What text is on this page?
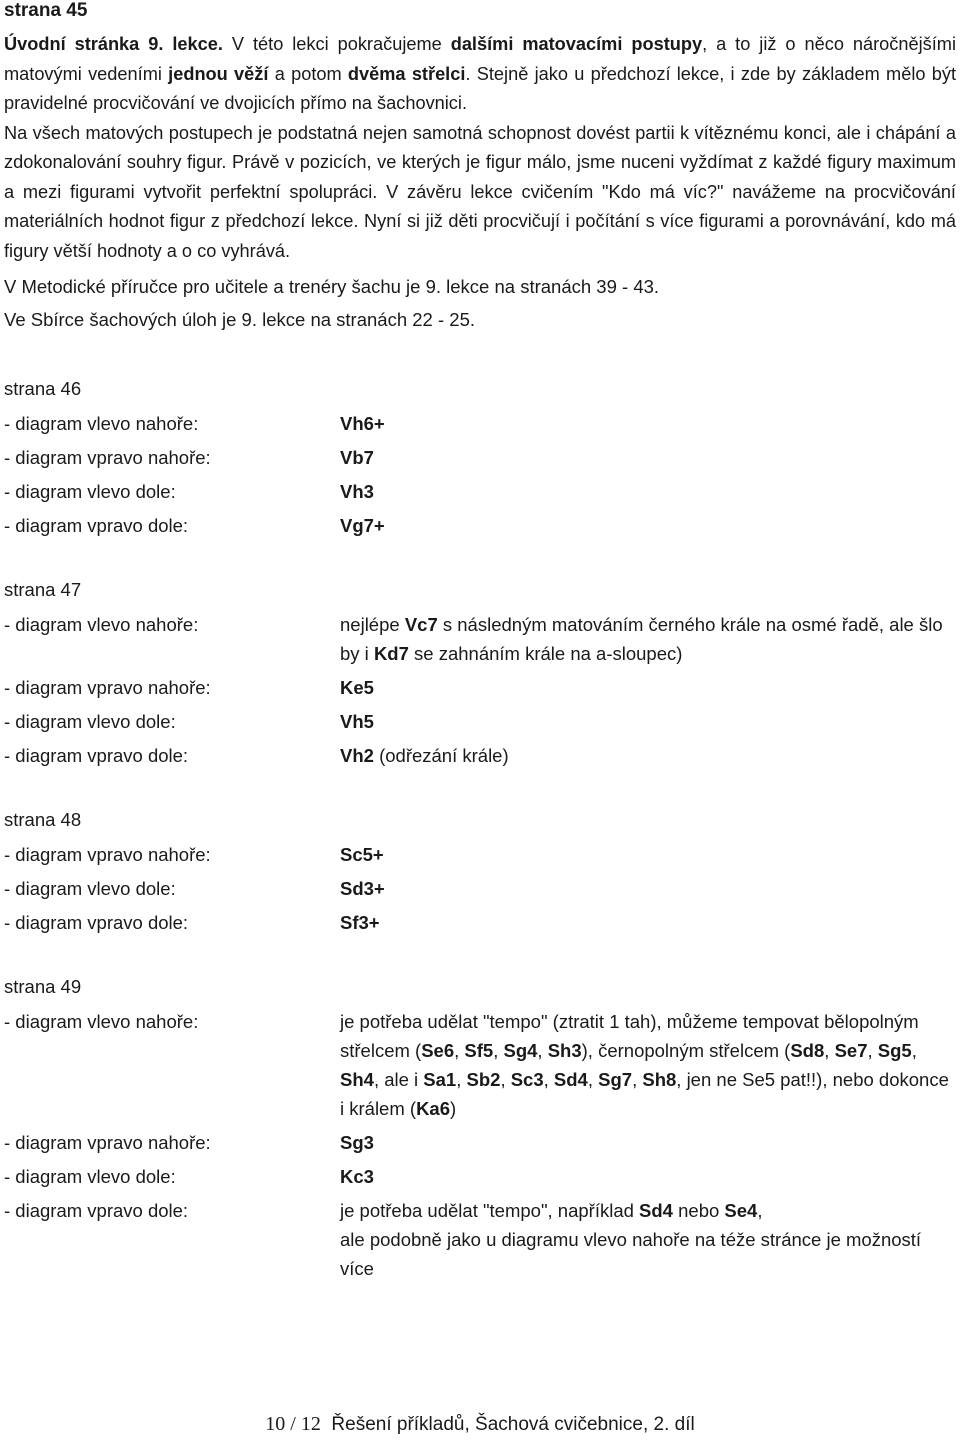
strana 45

Úvodní stránka 9. lekce. V této lekci pokračujeme dalšími matovacími postupy, a to již o něco náročnějšími matovými vedeními jednou věží a potom dvěma střelci. Stejně jako u předchozí lekce, i zde by základem mělo být pravidelné procvičování ve dvojicích přímo na šachovnici.

Na všech matových postupech je podstatná nejen samotná schopnost dovést partii k vítěznému konci, ale i chápání a zdokonalování souhry figur. Právě v pozicích, ve kterých je figur málo, jsme nuceni vyždímat z každé figury maximum a mezi figurami vytvořit perfektní spolupráci. V závěru lekce cvičením "Kdo má víc?" navážeme na procvičování materiálních hodnot figur z předchozí lekce. Nyní si již děti procvičují i počítání s více figurami a porovnávání, kdo má figury větší hodnoty a o co vyhrává.

V Metodické příručce pro učitele a trenéry šachu je 9. lekce na stranách 39 - 43.

Ve Sbírce šachových úloh je 9. lekce na stranách 22 - 25.

strana 46

- diagram vlevo nahoře:	Vh6+
- diagram vpravo nahoře:	Vb7
- diagram vlevo dole:	Vh3
- diagram vpravo dole:	Vg7+

strana 47

- diagram vlevo nahoře:	nejlépe Vc7 s následným matováním černého krále na osmé řadě, ale šlo by i Kd7 se zahnáním krále na a-sloupec)
- diagram vpravo nahoře:	Ke5
- diagram vlevo dole:	Vh5
- diagram vpravo dole:	Vh2 (odřezání krále)

strana 48

- diagram vpravo nahoře:	Sc5+
- diagram vlevo dole:	Sd3+
- diagram vpravo dole:	Sf3+

strana 49

- diagram vlevo nahoře:	je potřeba udělat "tempo" (ztratit 1 tah), můžeme tempovat bělopolným střelcem (Se6, Sf5, Sg4, Sh3), černopolným střelcem (Sd8, Se7, Sg5, Sh4, ale i Sa1, Sb2, Sc3, Sd4, Sg7, Sh8, jen ne Se5 pat!!), nebo dokonce i králem (Ka6)
- diagram vpravo nahoře:	Sg3
- diagram vlevo dole:	Kc3
- diagram vpravo dole:	je potřeba udělat "tempo", například Sd4 nebo Se4,
ale podobně jako u diagramu vlevo nahoře na téže stránce je možností více
10 / 12 Řešení příkladů, Šachová cvičebnice, 2. díl
